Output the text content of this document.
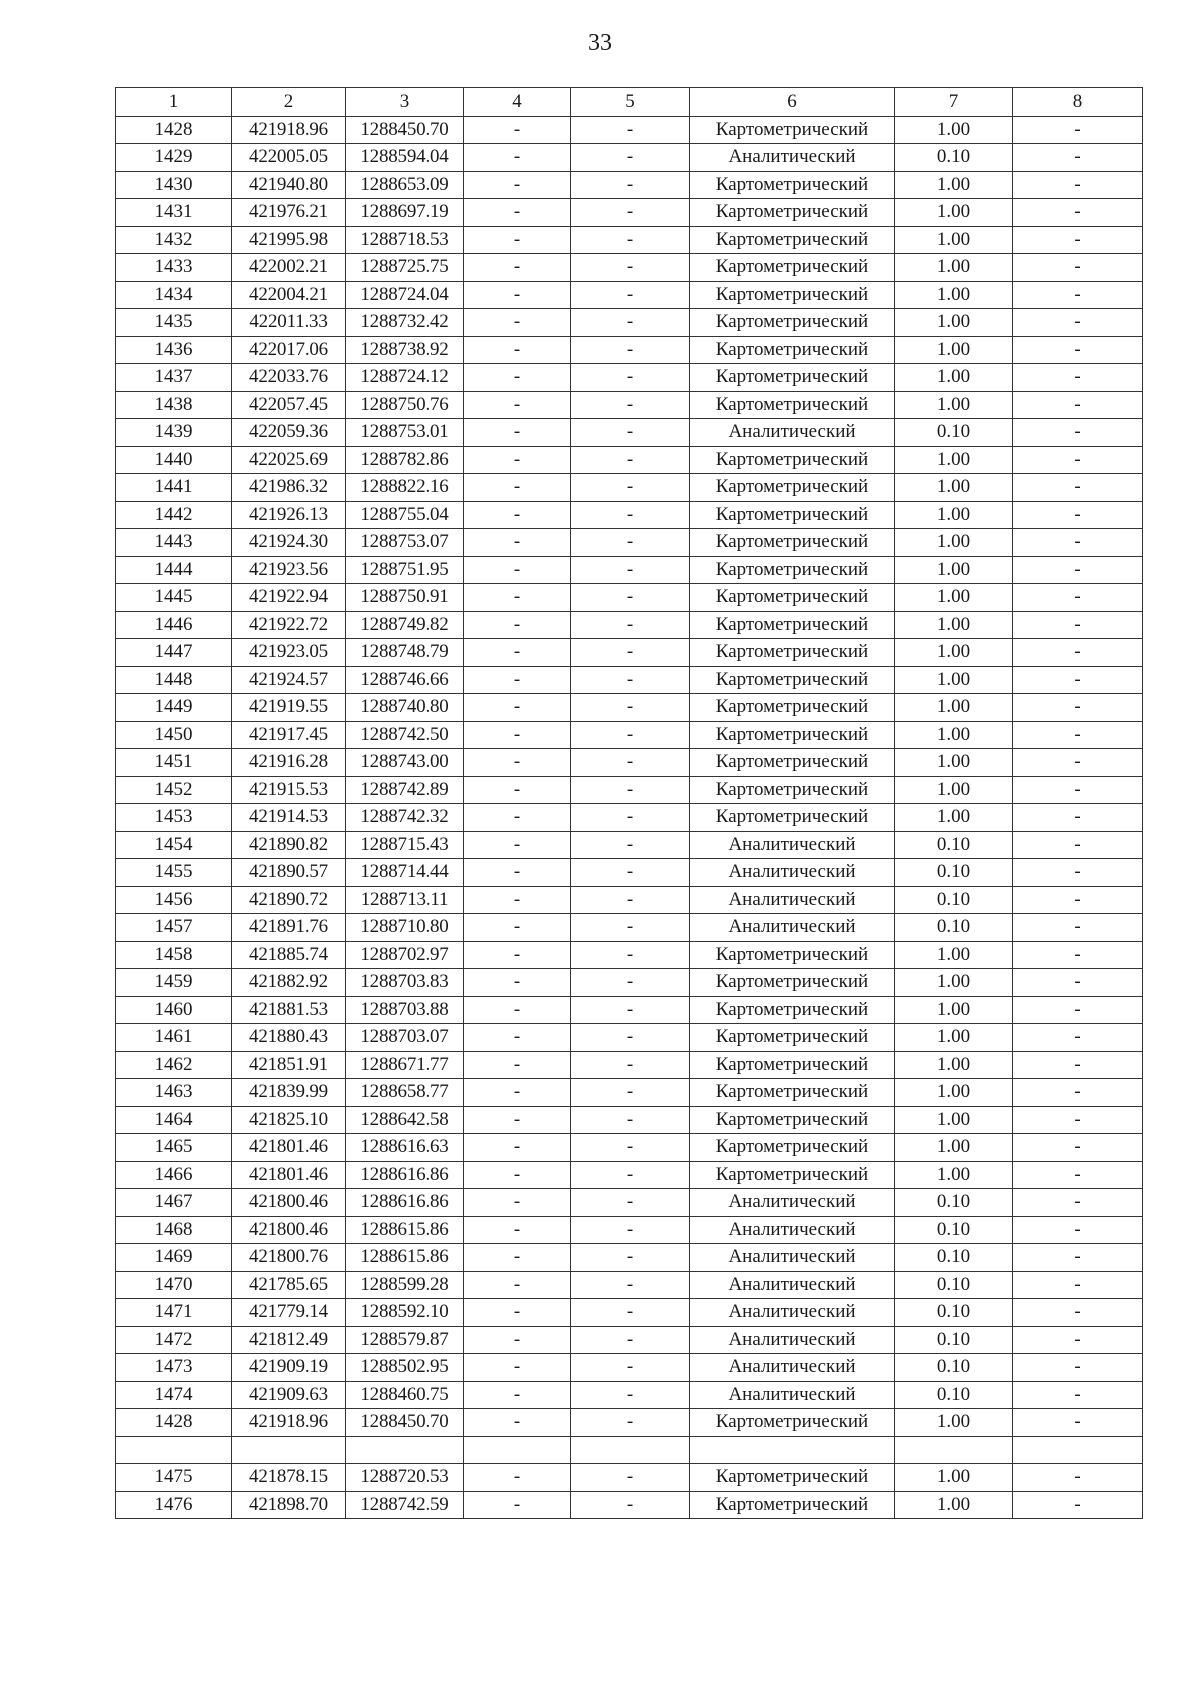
33
1	2	3	4	5	6	7	8
1428	421918.96	1288450.70	-	-	Картометрический	1.00	-
1429	422005.05	1288594.04	-	-	Аналитический	0.10	-
1430	421940.80	1288653.09	-	-	Картометрический	1.00	-
1431	421976.21	1288697.19	-	-	Картометрический	1.00	-
1432	421995.98	1288718.53	-	-	Картометрический	1.00	-
1433	422002.21	1288725.75	-	-	Картометрический	1.00	-
1434	422004.21	1288724.04	-	-	Картометрический	1.00	-
1435	422011.33	1288732.42	-	-	Картометрический	1.00	-
1436	422017.06	1288738.92	-	-	Картометрический	1.00	-
1437	422033.76	1288724.12	-	-	Картометрический	1.00	-
1438	422057.45	1288750.76	-	-	Картометрический	1.00	-
1439	422059.36	1288753.01	-	-	Аналитический	0.10	-
1440	422025.69	1288782.86	-	-	Картометрический	1.00	-
1441	421986.32	1288822.16	-	-	Картометрический	1.00	-
1442	421926.13	1288755.04	-	-	Картометрический	1.00	-
1443	421924.30	1288753.07	-	-	Картометрический	1.00	-
1444	421923.56	1288751.95	-	-	Картометрический	1.00	-
1445	421922.94	1288750.91	-	-	Картометрический	1.00	-
1446	421922.72	1288749.82	-	-	Картометрический	1.00	-
1447	421923.05	1288748.79	-	-	Картометрический	1.00	-
1448	421924.57	1288746.66	-	-	Картометрический	1.00	-
1449	421919.55	1288740.80	-	-	Картометрический	1.00	-
1450	421917.45	1288742.50	-	-	Картометрический	1.00	-
1451	421916.28	1288743.00	-	-	Картометрический	1.00	-
1452	421915.53	1288742.89	-	-	Картометрический	1.00	-
1453	421914.53	1288742.32	-	-	Картометрический	1.00	-
1454	421890.82	1288715.43	-	-	Аналитический	0.10	-
1455	421890.57	1288714.44	-	-	Аналитический	0.10	-
1456	421890.72	1288713.11	-	-	Аналитический	0.10	-
1457	421891.76	1288710.80	-	-	Аналитический	0.10	-
1458	421885.74	1288702.97	-	-	Картометрический	1.00	-
1459	421882.92	1288703.83	-	-	Картометрический	1.00	-
1460	421881.53	1288703.88	-	-	Картометрический	1.00	-
1461	421880.43	1288703.07	-	-	Картометрический	1.00	-
1462	421851.91	1288671.77	-	-	Картометрический	1.00	-
1463	421839.99	1288658.77	-	-	Картометрический	1.00	-
1464	421825.10	1288642.58	-	-	Картометрический	1.00	-
1465	421801.46	1288616.63	-	-	Картометрический	1.00	-
1466	421801.46	1288616.86	-	-	Картометрический	1.00	-
1467	421800.46	1288616.86	-	-	Аналитический	0.10	-
1468	421800.46	1288615.86	-	-	Аналитический	0.10	-
1469	421800.76	1288615.86	-	-	Аналитический	0.10	-
1470	421785.65	1288599.28	-	-	Аналитический	0.10	-
1471	421779.14	1288592.10	-	-	Аналитический	0.10	-
1472	421812.49	1288579.87	-	-	Аналитический	0.10	-
1473	421909.19	1288502.95	-	-	Аналитический	0.10	-
1474	421909.63	1288460.75	-	-	Аналитический	0.10	-
1428	421918.96	1288450.70	-	-	Картометрический	1.00	-

1475	421878.15	1288720.53	-	-	Картометрический	1.00	-
1476	421898.70	1288742.59	-	-	Картометрический	1.00	-
